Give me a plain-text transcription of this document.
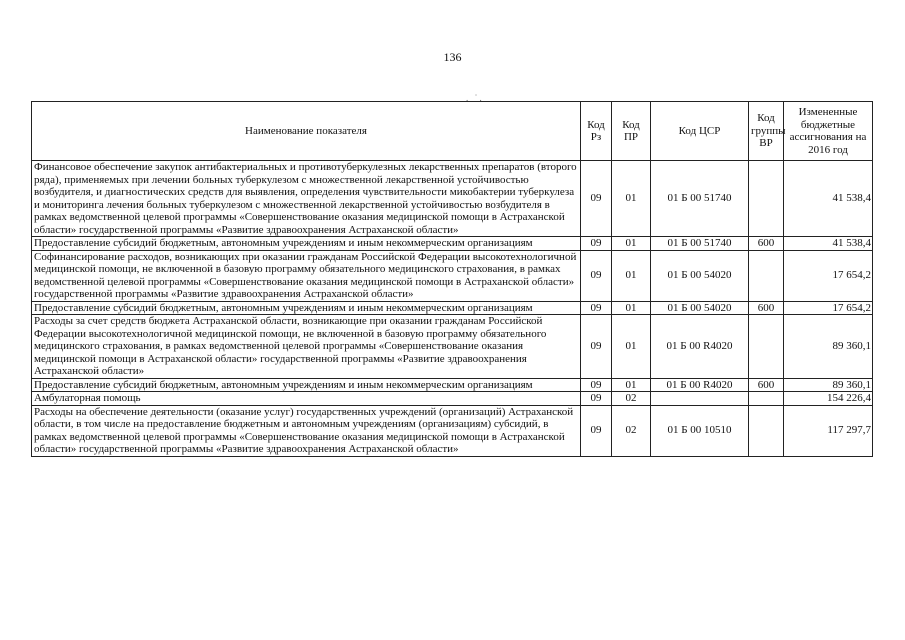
136
. ˙.
Наименование показателя	Код Рз	Код ПР	Код ЦСР	Код группы ВР	Измененные бюджетные ассигнования на 2016 год
Финансовое обеспечение закупок антибактериальных и противотуберкулезных лекарственных препаратов (второго ряда), применяемых при лечении больных туберкулезом с множественной лекарственной устойчивостью возбудителя, и диагностических средств для выявления, определения чувствительности микобактерии туберкулеза и мониторинга лечения больных туберкулезом с множественной лекарственной устойчивостью возбудителя в рамках ведомственной целевой программы «Совершенствование оказания медицинской помощи в Астраханской области» государственной программы «Развитие здравоохранения Астраханской области»	09	01	01 Б 00 51740		41 538,4
Предоставление субсидий бюджетным, автономным учреждениям и иным некоммерческим организациям	09	01	01 Б 00 51740	600	41 538,4
Софинансирование расходов, возникающих при оказании гражданам Российской Федерации высокотехнологичной медицинской помощи, не включенной в базовую программу обязательного медицинского страхования, в рамках ведомственной целевой программы «Совершенствование оказания медицинской помощи в Астраханской области» государственной программы «Развитие здравоохранения Астраханской области»	09	01	01 Б 00 54020		17 654,2
Предоставление субсидий бюджетным, автономным учреждениям и иным некоммерческим организациям	09	01	01 Б 00 54020	600	17 654,2
Расходы за счет средств бюджета Астраханской области, возникающие при оказании гражданам Российской Федерации высокотехнологичной медицинской помощи, не включенной в базовую программу обязательного медицинского страхования, в рамках ведомственной целевой программы «Совершенствование оказания медицинской помощи в Астраханской области» государственной программы «Развитие здравоохранения Астраханской области»	09	01	01 Б 00 R4020		89 360,1
Предоставление субсидий бюджетным, автономным учреждениям и иным некоммерческим организациям	09	01	01 Б 00 R4020	600	89 360,1
Амбулаторная помощь	09	02			154 226,4
Расходы на обеспечение деятельности (оказание услуг) государственных учреждений (организаций) Астраханской области, в том числе на предоставление бюджетным и автономным учреждениям (организациям) субсидий, в рамках ведомственной целевой программы «Совершенствование оказания медицинской помощи в Астраханской области» государственной программы «Развитие здравоохранения Астраханской области»	09	02	01 Б 00 10510		117 297,7
